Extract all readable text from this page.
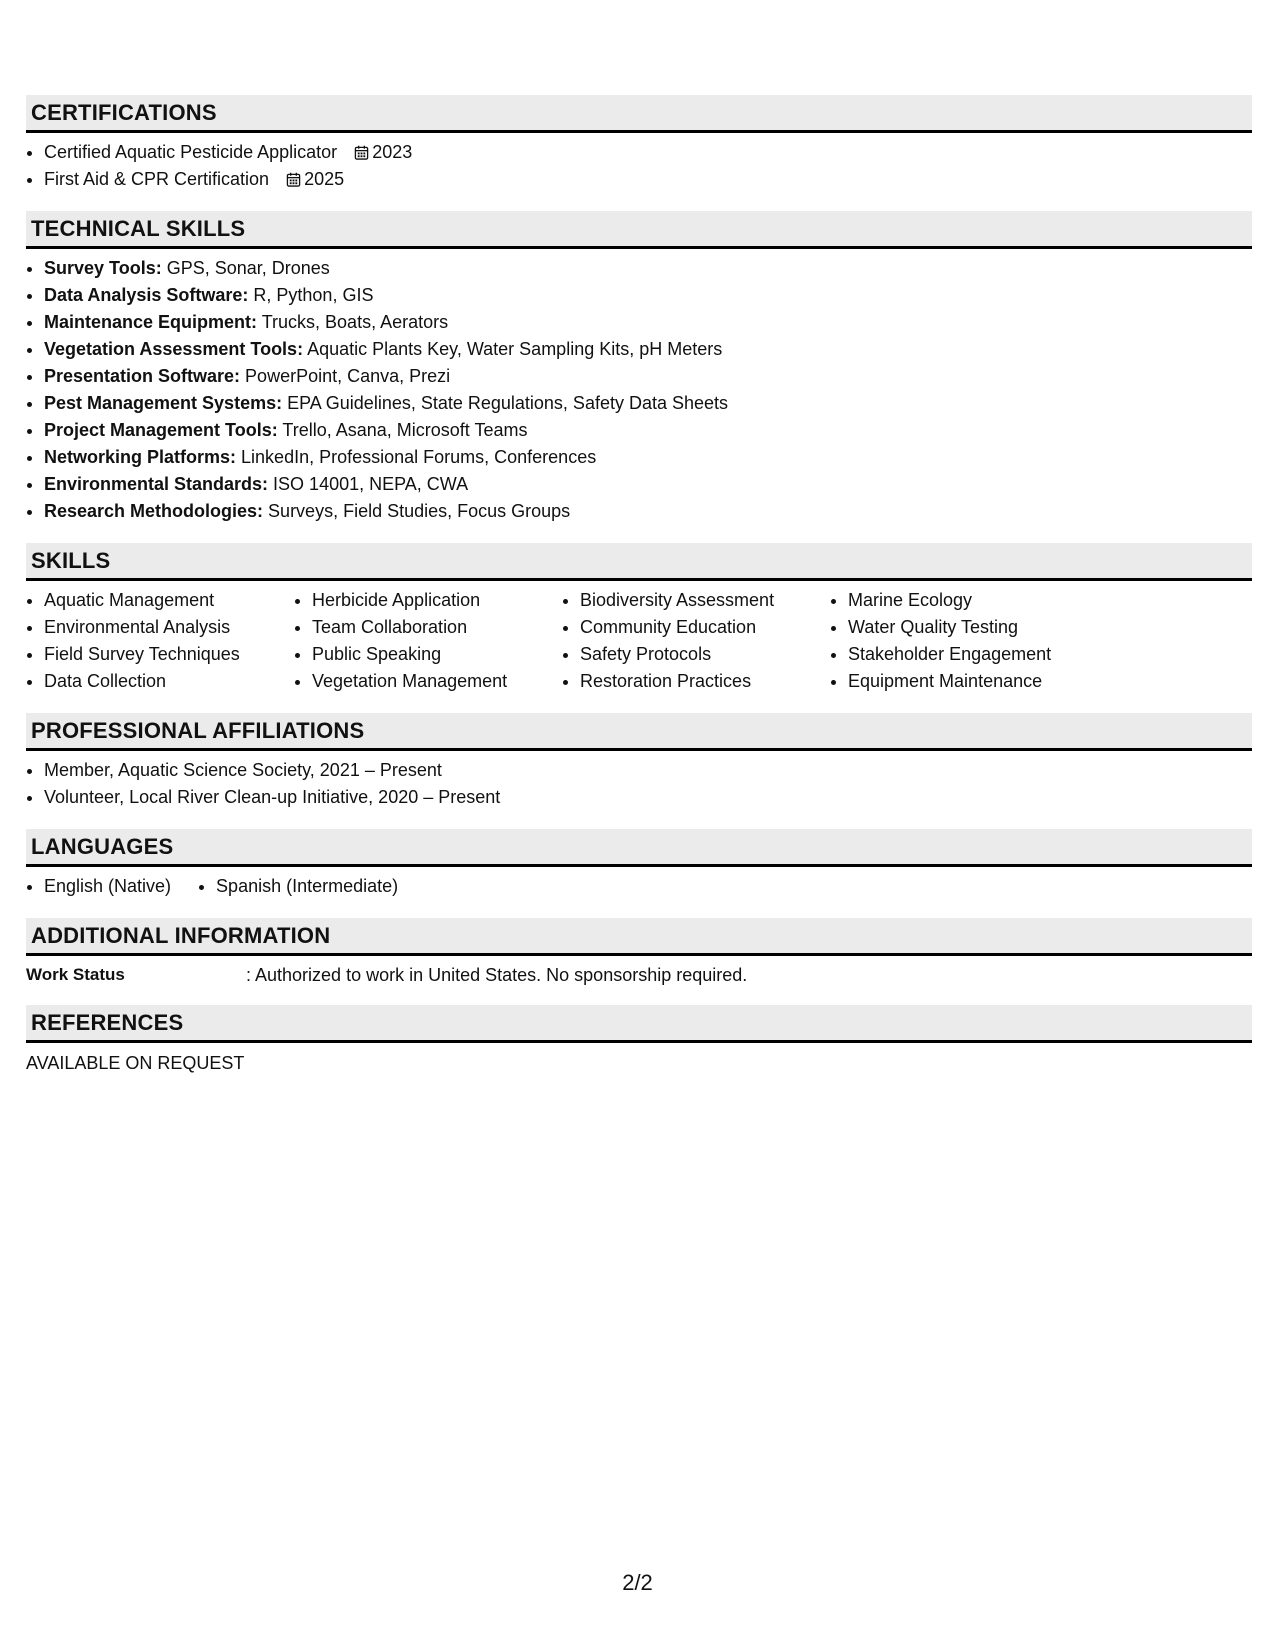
CERTIFICATIONS
• Certified Aquatic Pesticide Applicator 2023
• First Aid & CPR Certification 2025
TECHNICAL SKILLS
• Survey Tools: GPS, Sonar, Drones
• Data Analysis Software: R, Python, GIS
• Maintenance Equipment: Trucks, Boats, Aerators
• Vegetation Assessment Tools: Aquatic Plants Key, Water Sampling Kits, pH Meters
• Presentation Software: PowerPoint, Canva, Prezi
• Pest Management Systems: EPA Guidelines, State Regulations, Safety Data Sheets
• Project Management Tools: Trello, Asana, Microsoft Teams
• Networking Platforms: LinkedIn, Professional Forums, Conferences
• Environmental Standards: ISO 14001, NEPA, CWA
• Research Methodologies: Surveys, Field Studies, Focus Groups
SKILLS
• Aquatic Management
• Environmental Analysis
• Field Survey Techniques
• Data Collection
• Herbicide Application
• Team Collaboration
• Public Speaking
• Vegetation Management
• Biodiversity Assessment
• Community Education
• Safety Protocols
• Restoration Practices
• Marine Ecology
• Water Quality Testing
• Stakeholder Engagement
• Equipment Maintenance
PROFESSIONAL AFFILIATIONS
• Member, Aquatic Science Society, 2021 – Present
• Volunteer, Local River Clean-up Initiative, 2020 – Present
LANGUAGES
• English (Native)
•	Spanish (Intermediate)
ADDITIONAL INFORMATION
Work Status	: Authorized to work in United States. No sponsorship required.
REFERENCES
AVAILABLE ON REQUEST
2/2
